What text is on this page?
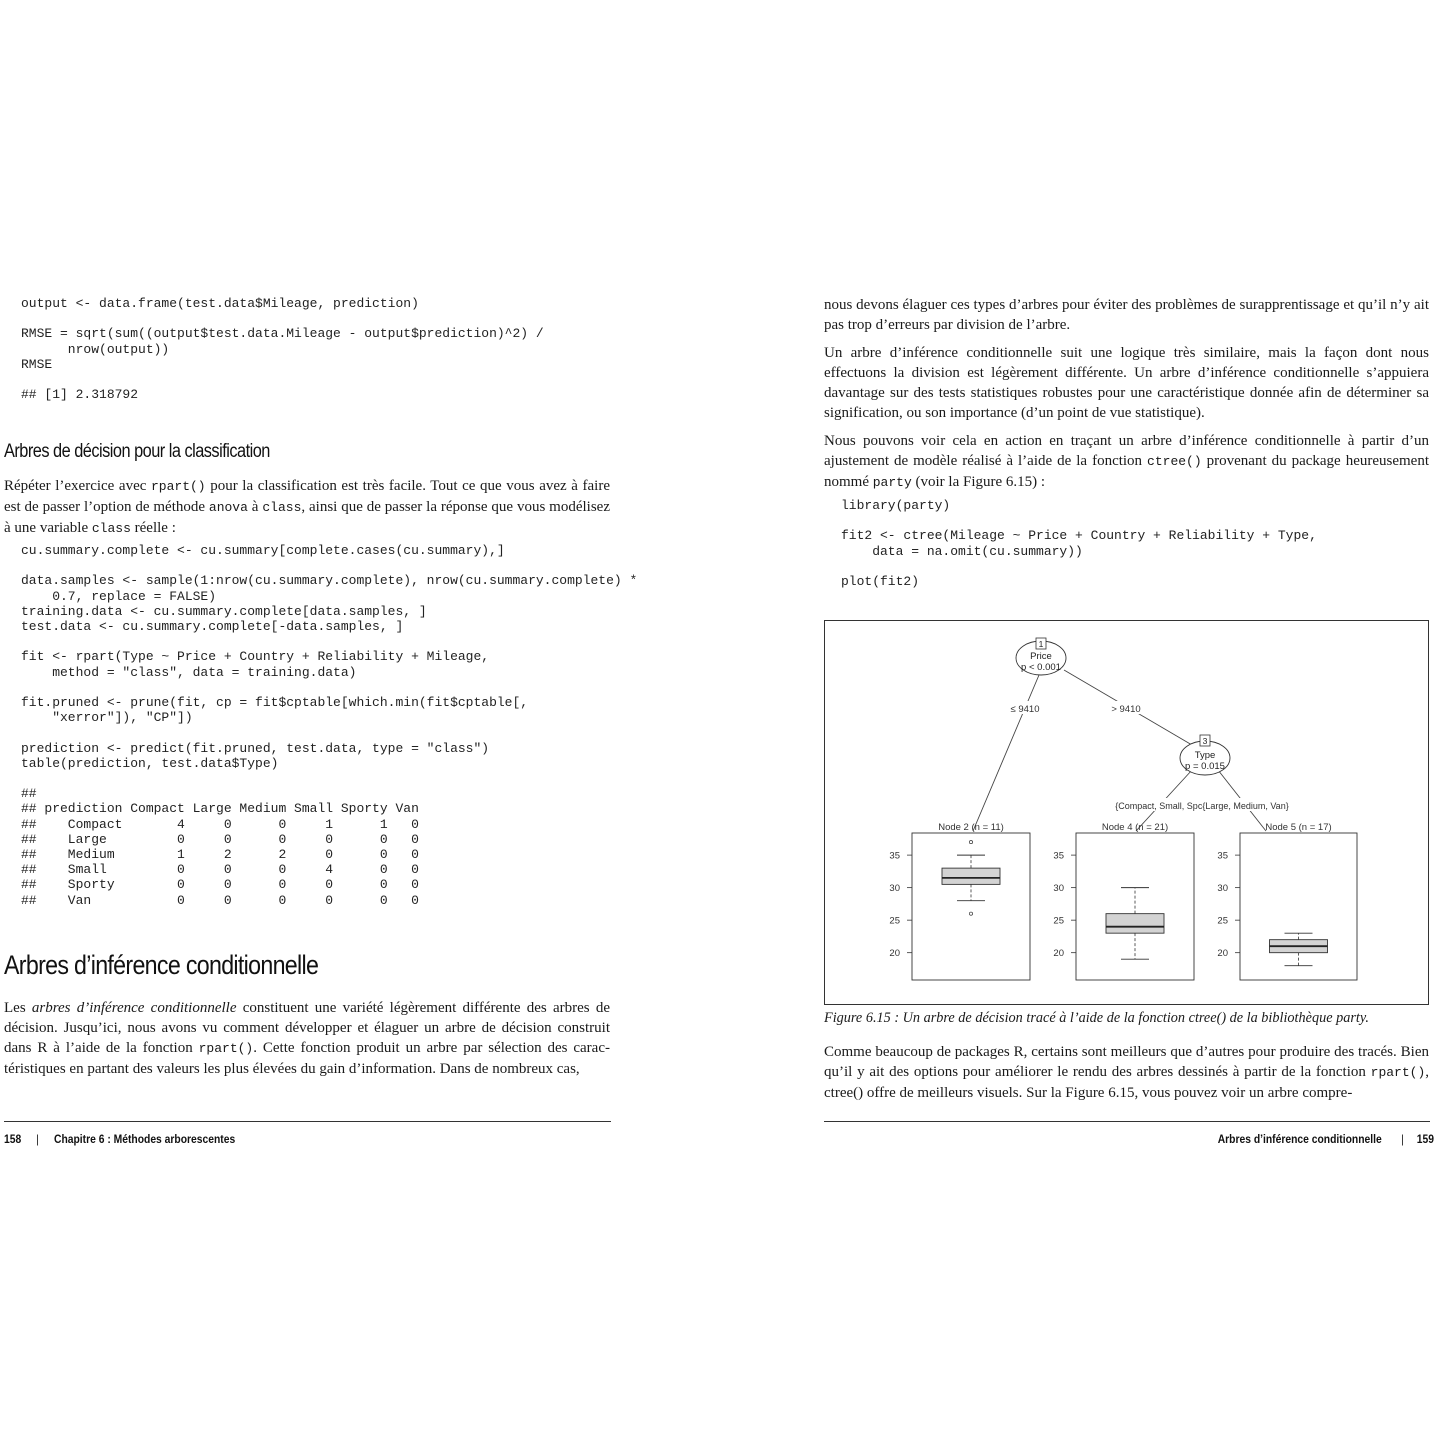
output <- data.frame(test.data$Mileage, prediction)

RMSE = sqrt(sum((output$test.data.Mileage - output$prediction)^2) /
nrow(output))
RMSE

## [1] 2.318792
Arbres de décision pour la classification

Répéter l’exercice avec rpart() pour la classification est très facile. Tout ce que vous avez à faire est de passer l’option de méthode anova à class, ainsi que de passer la réponse que vous modélisez à une variable class réelle :

cu.summary.complete <- cu.summary[complete.cases(cu.summary),]

data.samples <- sample(1:nrow(cu.summary.complete), nrow(cu.summary.complete) *
0.7, replace = FALSE)
training.data <- cu.summary.complete[data.samples, ]
test.data <- cu.summary.complete[-data.samples, ]

fit <- rpart(Type ~ Price + Country + Reliability + Mileage,
method = "class", data = training.data)

fit.pruned <- prune(fit, cp = fit$cptable[which.min(fit$cptable[,
"xerror"]), "CP"])

prediction <- predict(fit.pruned, test.data, type = "class")
table(prediction, test.data$Type)

##
## prediction Compact Large Medium Small Sporty Van
##    Compact       4     0      0     1      1   0
##    Large         0     0      0     0      0   0
##    Medium        1     2      2     0      0   0
##    Small         0     0      0     4      0   0
##    Sporty        0     0      0     0      0   0
##    Van           0     0      0     0      0   0
Arbres d’inférence conditionnelle

Les arbres d’inférence conditionnelle constituent une variété légèrement différente des arbres de décision. Jusqu’ici, nous avons vu comment développer et élaguer un arbre de décision construit dans R à l’aide de la fonction rpart(). Cette fonction produit un arbre par sélection des caractéristiques en partant des valeurs les plus élevées du gain d’information. Dans de nombreux cas,

158 | Chapitre 6 : Méthodes arborescentes

nous devons élaguer ces types d’arbres pour éviter des problèmes de surapprentissage et qu’il n’y ait pas trop d’erreurs par division de l’arbre.

Un arbre d’inférence conditionnelle suit une logique très similaire, mais la façon dont nous effectuons la division est légèrement différente. Un arbre d’inférence conditionnelle s’appuiera davantage sur des tests statistiques robustes pour une caractéristique donnée afin de déterminer sa signification, ou son importance (d’un point de vue statistique).

Nous pouvons voir cela en action en traçant un arbre d’inférence conditionnelle à partir d’un ajustement de modèle réalisé à l’aide de la fonction ctree() provenant du package heureusement nommé party (voir la Figure 6.15) :

library(party)

fit2 <- ctree(Mileage ~ Price + Country + Reliability + Type,
data = na.omit(cu.summary))

plot(fit2)
≤ 9410	> 9410
{Compact, Small, Spc{Large, Medium, Van}
1
Price
p < 0.001
3
Type
p = 0.015
Node 2 (n = 11)
35
30
25
20
Node 4 (n = 21)
35
30
25
20
Node 5 (n = 17)
35
30
25
20
Figure 6.15 : Un arbre de décision tracé à l’aide de la fonction ctree() de la bibliothèque party.

Comme beaucoup de packages R, certains sont meilleurs que d’autres pour produire des tracés. Bien qu’il y ait des options pour améliorer le rendu des arbres dessinés à partir de la fonction rpart(), ctree() offre de meilleurs visuels. Sur la Figure 6.15, vous pouvez voir un arbre compre-

Arbres d’inférence conditionnelle | 159
